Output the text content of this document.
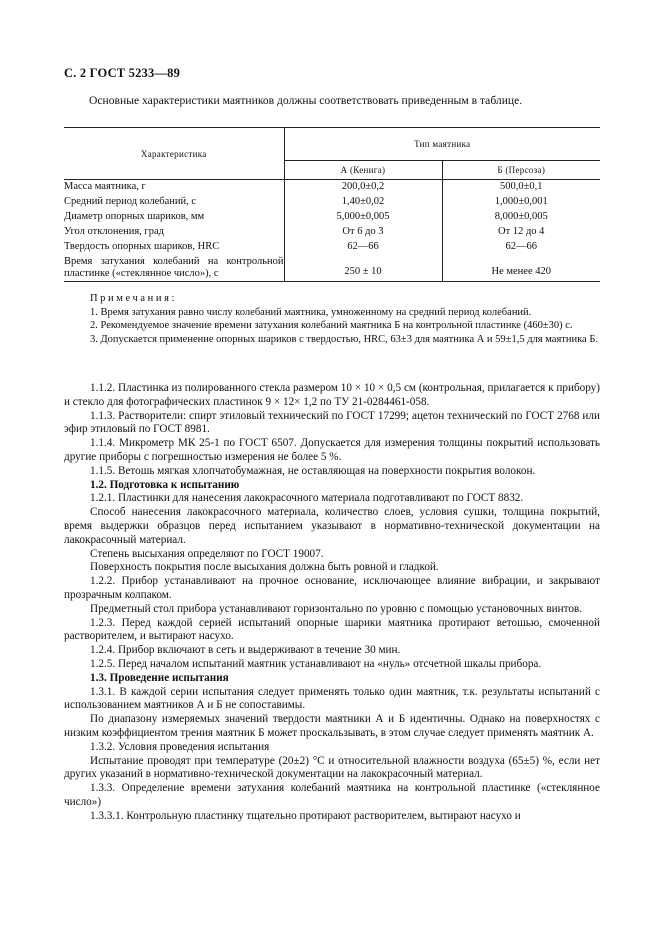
С. 2 ГОСТ 5233—89
Основные характеристики маятников должны соответствовать приведенным в таблице.
Характеристика	Тип маятника	
	А (Кенига)	Б (Персоза)
Масса маятника, г	200,0±0,2	500,0±0,1
Средний период колебаний, с	1,40±0,02	1,000±0,001
Диаметр опорных шариков, мм	5,000±0,005	8,000±0,005
Угол отклонения, град	От 6 до 3	От 12 до 4
Твердость опорных шариков, HRC	62—66	62—66
Время затухания колебаний на контрольной пластинке («стеклянное число»), с	250 ± 10	Не менее 420

Примечания:

1. Время затухания равно числу колебаний маятника, умноженному на средний период колебаний.

2. Рекомендуемое значение времени затухания колебаний маятника Б на контрольной пластинке (460±30) с.

3. Допускается применение опорных шариков с твердостью, HRC, 63±3 для маятника А и 59±1,5 для маятника Б.

1.1.2. Пластинка из полированного стекла размером 10 × 10 × 0,5 см (контрольная, прилагается к прибору) и стекло для фотографических пластинок 9 × 12× 1,2 по ТУ 21-0284461-058.

1.1.3. Растворители: спирт этиловый технический по ГОСТ 17299; ацетон технический по ГОСТ 2768 или эфир этиловый по ГОСТ 8981.

1.1.4. Микрометр МК 25-1 по ГОСТ 6507. Допускается для измерения толщины покрытий использовать другие приборы с погрешностью измерения не более 5 %.

1.1.5. Ветошь мягкая хлопчатобумажная, не оставляющая на поверхности покрытия волокон.

1.2. Подготовка к испытанию

1.2.1. Пластинки для нанесения лакокрасочного материала подготавливают по ГОСТ 8832.

Способ нанесения лакокрасочного материала, количество слоев, условия сушки, толщина покрытий, время выдержки образцов перед испытанием указывают в нормативно-технической документации на лакокрасочный материал.

Степень высыхания определяют по ГОСТ 19007.

Поверхность покрытия после высыхания должна быть ровной и гладкой.

1.2.2. Прибор устанавливают на прочное основание, исключающее влияние вибрации, и закрывают прозрачным колпаком.

Предметный стол прибора устанавливают горизонтально по уровню с помощью установочных винтов.

1.2.3. Перед каждой серией испытаний опорные шарики маятника протирают ветошью, смоченной растворителем, и вытирают насухо.

1.2.4. Прибор включают в сеть и выдерживают в течение 30 мин.

1.2.5. Перед началом испытаний маятник устанавливают на «нуль» отсчетной шкалы прибора.

1.3. Проведение испытания

1.3.1. В каждой серии испытания следует применять только один маятник, т.к. результаты испытаний с использованием маятников А и Б не сопоставимы.

По диапазону измеряемых значений твердости маятники А и Б идентичны. Однако на поверхностях с низким коэффициентом трения маятник Б может проскальзывать, в этом случае следует применять маятник А.

1.3.2. Условия проведения испытания

Испытание проводят при температуре (20±2) °С и относительной влажности воздуха (65±5) %, если нет других указаний в нормативно-технической документации на лакокрасочный материал.

1.3.3. Определение времени затухания колебаний маятника на контрольной пластинке («стеклянное число»)

1.3.3.1. Контрольную пластинку тщательно протирают растворителем, вытирают насухо и
